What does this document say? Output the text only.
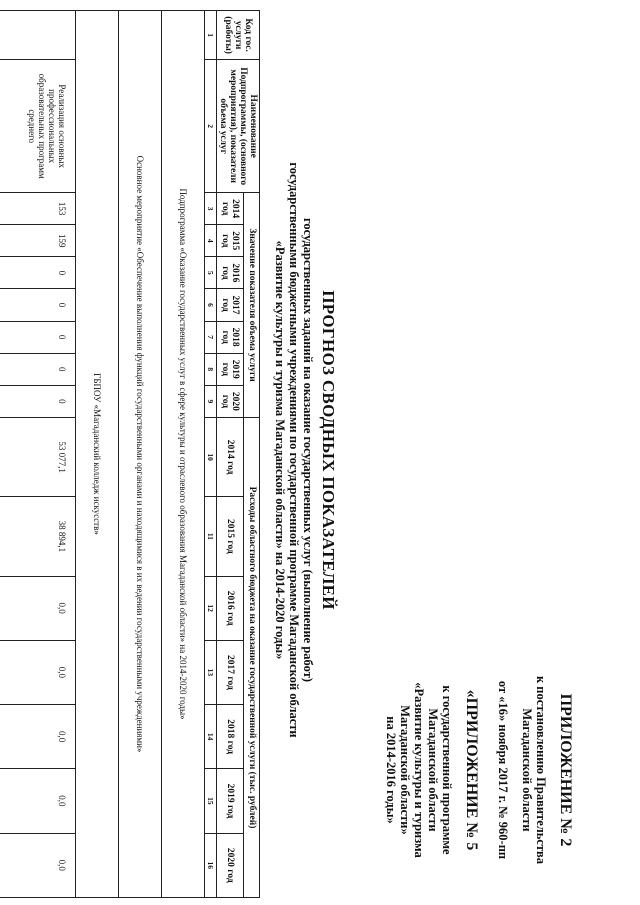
ПРИЛОЖЕНИЕ № 2
к постановлению Правительства
Магаданской области
от «16» ноября 2017 г. № 960-пп
«ПРИЛОЖЕНИЕ № 5
к государственной программе
Магаданской области
«Развитие культуры и туризма
Магаданской области»
на 2014-2016 годы»
ПРОГНОЗ СВОДНЫХ ПОКАЗАТЕЛЕЙ
государственных заданий на оказание государственных услуг (выполнение работ)
государственными бюджетными учреждениями по государственной программе Магаданской области
«Развитие культуры и туризма Магаданской области» на 2014-2020 годы»
Код гос. услуги (работы)	Наименование Подпрограммы, (основного мероприятия), показатели объема услуг	Значение показателя объема услуги							Расходы областного бюджета на оказание государственной услуги (тыс. рублей)						
		2014 год	2015 год	2016 год	2017 год	2018 год	2019 год	2020 год	2014 год	2015 год	2016 год	2017 год	2018 год	2019 год	2020 год
1	2	3	4	5	6	7	8	9	10	11	12	13	14	15	16
Подпрограмма «Оказание государственных услуг в сфере культуры и отраслевого образования Магаданской области» на 2014-2020 годы»															
Основное мероприятие «Обеспечение выполнения функций государственными органами и находящимися в их ведении государственными учреждениями»															
ГБПОУ «Магаданский колледж искусств»															
	Реализация основных профессиональных образовательных программ среднего	153	159	0	0	0	0	0	53 077,1	38 894,1	0,0	0,0	0,0	0,0	0,0
